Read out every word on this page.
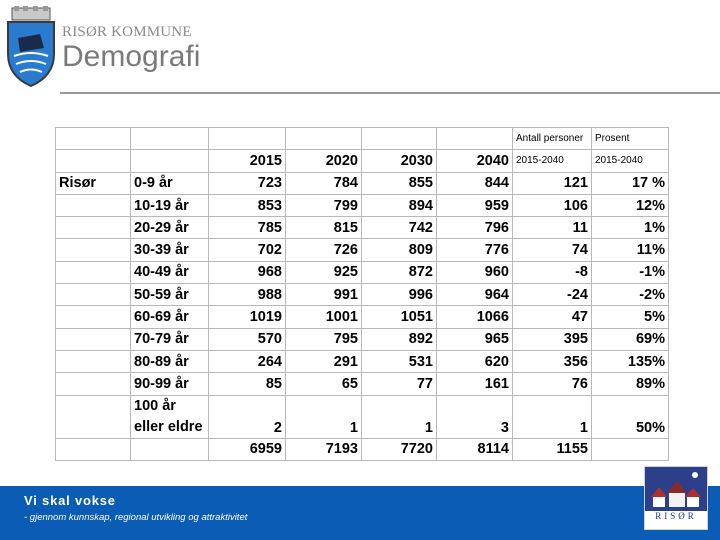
RISØR KOMMUNE
Demografi
						Antall personer	Prosent
		2015	2020	2030	2040	2015-2040	2015-2040
Risør	0-9 år	723	784	855	844	121	17 %
	10-19 år	853	799	894	959	106	12%
	20-29 år	785	815	742	796	11	1%
	30-39 år	702	726	809	776	74	11%
	40-49 år	968	925	872	960	-8	-1%
	50-59 år	988	991	996	964	-24	-2%
	60-69 år	1019	1001	1051	1066	47	5%
	70-79 år	570	795	892	965	395	69%
	80-89 år	264	291	531	620	356	135%
	90-99 år	85	65	77	161	76	89%

	100 år
eller eldre	2	1	1	3	1	50%
		6959	7193	7720	8114	1155	
Vi skal vokse
- gjennom kunnskap, regional utvikling og attraktivitet	RISØR
